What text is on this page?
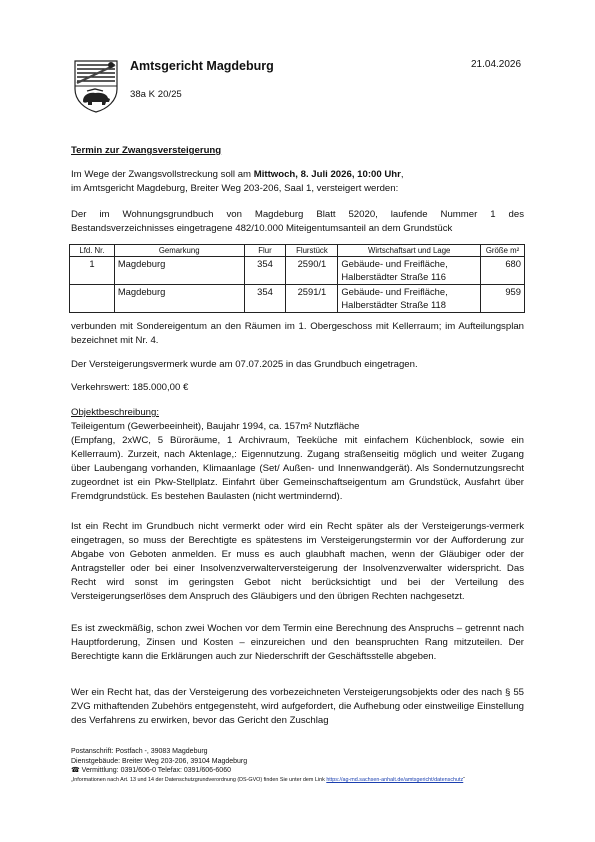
Amtsgericht Magdeburg
38a K 20/25
21.04.2026
Termin zur Zwangsversteigerung
Im Wege der Zwangsvollstreckung soll am Mittwoch, 8. Juli 2026, 10:00 Uhr,
im Amtsgericht Magdeburg, Breiter Weg 203-206, Saal 1, versteigert werden:
Der im Wohnungsgrundbuch von Magdeburg Blatt 52020, laufende Nummer 1 des Bestandsverzeichnisses eingetragene 482/10.000 Miteigentumsanteil an dem Grundstück
Lfd. Nr.	Gemarkung	Flur	Flurstück	Wirtschaftsart und Lage	Größe m²
1	Magdeburg	354	2590/1	Gebäude- und Freifläche,
Halberstädter Straße 116	680
	Magdeburg	354	2591/1	Gebäude- und Freifläche,
Halberstädter Straße 118	959
verbunden mit Sondereigentum an den Räumen im 1. Obergeschoss mit Kellerraum; im Aufteilungsplan bezeichnet mit Nr. 4.
Der Versteigerungsvermerk wurde am 07.07.2025 in das Grundbuch eingetragen.
Verkehrswert: 185.000,00 €
Objektbeschreibung:
Teileigentum (Gewerbeeinheit), Baujahr 1994, ca. 157m² Nutzfläche
(Empfang, 2xWC, 5 Büroräume, 1 Archivraum, Teeküche mit einfachem Küchenblock, sowie ein Kellerraum). Zurzeit, nach Aktenlage,: Eigennutzung. Zugang straßenseitig möglich und weiter Zugang über Laubengang vorhanden, Klimaanlage (Set/ Außen- und Innenwandgerät). Als Sondernutzungsrecht zugeordnet ist ein Pkw-Stellplatz. Einfahrt über Gemeinschaftseigentum am Grundstück, Ausfahrt über Fremdgrundstück. Es bestehen Baulasten (nicht wertmindernd).
Ist ein Recht im Grundbuch nicht vermerkt oder wird ein Recht später als der Versteigerungs-vermerk eingetragen, so muss der Berechtigte es spätestens im Versteigerungstermin vor der Aufforderung zur Abgabe von Geboten anmelden. Er muss es auch glaubhaft machen, wenn der Gläubiger oder der Antragsteller oder bei einer Insolvenzverwalterversteigerung der Insolvenzverwalter widerspricht. Das Recht wird sonst im geringsten Gebot nicht berücksichtigt und bei der Verteilung des Versteigerungserlöses dem Anspruch des Gläubigers und den übrigen Rechten nachgesetzt.
Es ist zweckmäßig, schon zwei Wochen vor dem Termin eine Berechnung des Anspruchs – getrennt nach Hauptforderung, Zinsen und Kosten – einzureichen und den beanspruchten Rang mitzuteilen. Der Berechtigte kann die Erklärungen auch zur Niederschrift der Geschäftsstelle abgeben.
Wer ein Recht hat, das der Versteigerung des vorbezeichneten Versteigerungsobjekts oder des nach § 55 ZVG mithaftenden Zubehörs entgegensteht, wird aufgefordert, die Aufhebung oder einstweilige Einstellung des Verfahrens zu erwirken, bevor das Gericht den Zuschlag
Postanschrift: Postfach -, 39083 Magdeburg
Dienstgebäude: Breiter Weg 203-206, 39104 Magdeburg
☎ Vermittlung: 0391/606-0 Telefax: 0391/606-6060
„Informationen nach Art. 13 und 14 der Datenschutzgrundverordnung (DS-GVO) finden Sie unter dem Link https://ag-md.sachsen-anhalt.de/amtsgericht/datenschutz“
